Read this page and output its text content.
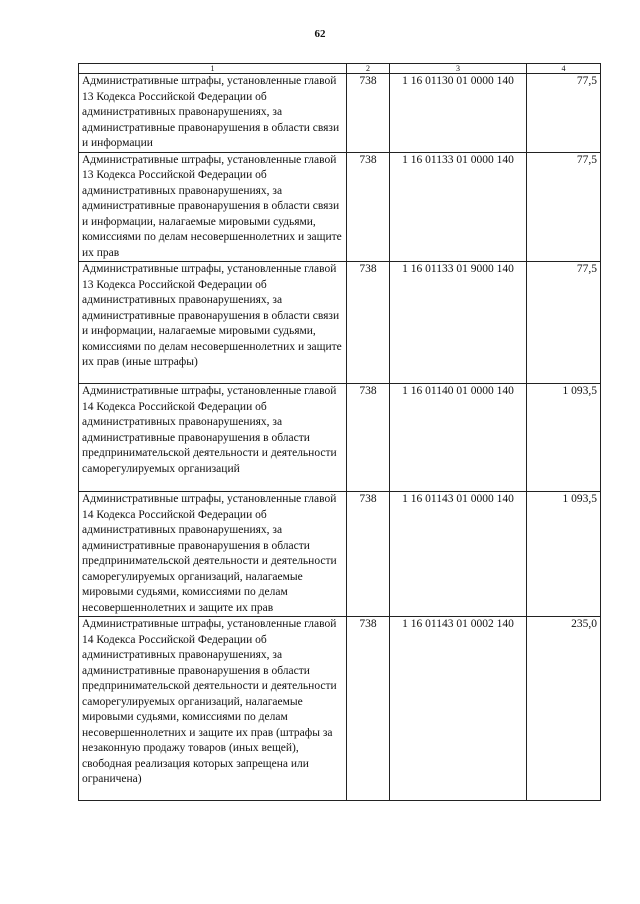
62
1	2	3	4
Административные штрафы, установленные главой 13 Кодекса Российской Федерации об административных правонарушениях, за административные правонарушения в области связи и информации	738	1 16 01130 01 0000 140	77,5
Административные штрафы, установленные главой 13 Кодекса Российской Федерации об административных правонарушениях, за административные правонарушения в области связи и информации, налагаемые мировыми судьями, комиссиями по делам несовершеннолетних и защите их прав	738	1 16 01133 01 0000 140	77,5
Административные штрафы, установленные главой 13 Кодекса Российской Федерации об административных правонарушениях, за административные правонарушения в области связи и информации, налагаемые мировыми судьями, комиссиями по делам несовершеннолетних и защите их прав (иные штрафы)	738	1 16 01133 01 9000 140	77,5
Административные штрафы, установленные главой 14 Кодекса Российской Федерации об административных правонарушениях, за административные правонарушения в области предпринимательской деятельности и деятельности саморегулируемых организаций	738	1 16 01140 01 0000 140	1 093,5
Административные штрафы, установленные главой 14 Кодекса Российской Федерации об административных правонарушениях, за административные правонарушения в области предпринимательской деятельности и деятельности саморегулируемых организаций, налагаемые мировыми судьями, комиссиями по делам несовершеннолетних и защите их прав	738	1 16 01143 01 0000 140	1 093,5
Административные штрафы, установленные главой 14 Кодекса Российской Федерации об административных правонарушениях, за административные правонарушения в области предпринимательской деятельности и деятельности саморегулируемых организаций, налагаемые мировыми судьями, комиссиями по делам несовершеннолетних и защите их прав (штрафы за незаконную продажу товаров (иных вещей), свободная реализация которых запрещена или ограничена)	738	1 16 01143 01 0002 140	235,0
